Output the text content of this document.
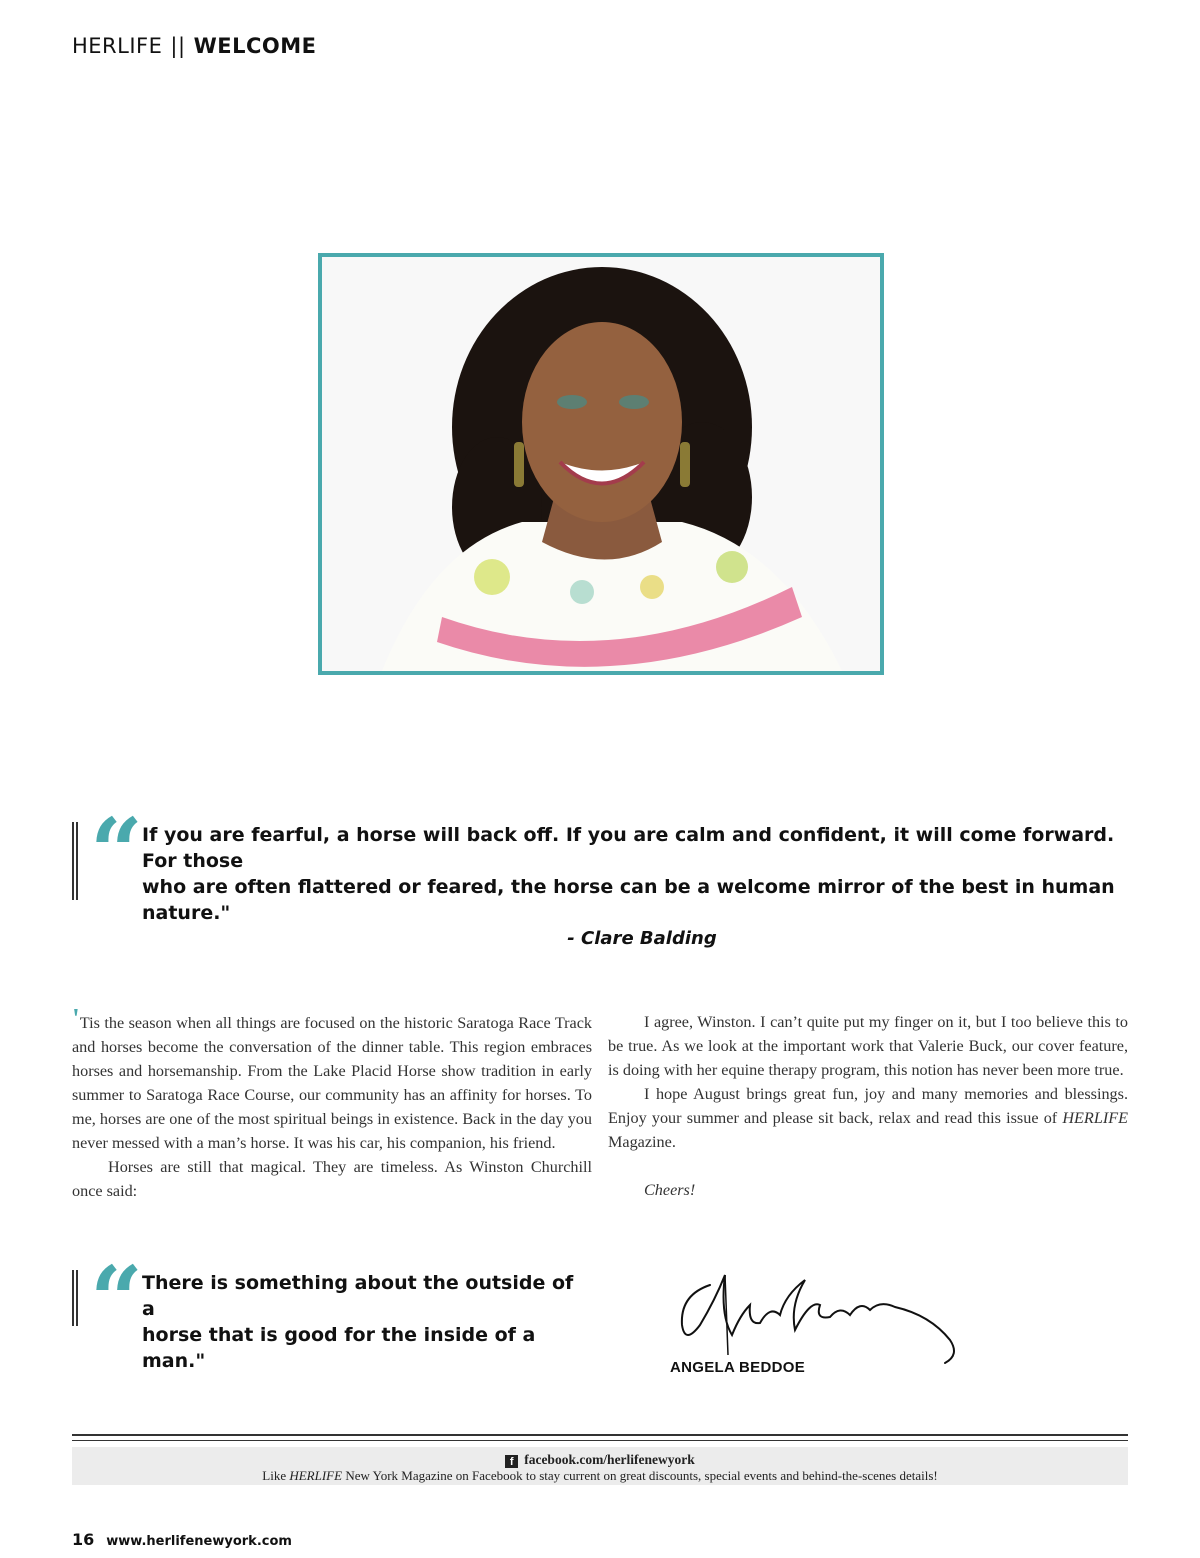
HERLIFE || WELCOME
“ If you are fearful, a horse will back off. If you are calm and confident, it will come forward. For those
who are often flattered or feared, the horse can be a welcome mirror of the best in human nature."
- Clare Balding

'Tis the season when all things are focused on the historic Saratoga Race Track and horses become the conversation of the dinner table. This region embraces horses and horsemanship. From the Lake Placid Horse show tradition in early summer to Saratoga Race Course, our community has an affinity for horses. To me, horses are one of the most spiritual beings in existence. Back in the day you never messed with a man’s horse. It was his car, his companion, his friend.

Horses are still that magical. They are timeless. As Winston Churchill once said:

I agree, Winston. I can’t quite put my finger on it, but I too believe this to be true. As we look at the important work that Valerie Buck, our cover feature, is doing with her equine therapy program, this notion has never been more true.

I hope August brings great fun, joy and many memories and blessings. Enjoy your summer and please sit back, relax and read this issue of HERLIFE Magazine.

Cheers!

“ There is something about the outside of a
horse that is good for the inside of a man."	ANGELA BEDDOE
f facebook.com/herlifenewyork
Like HERLIFE New York Magazine on Facebook to stay current on great discounts, special events and behind-the-scenes details!
16 www.herlifenewyork.com
